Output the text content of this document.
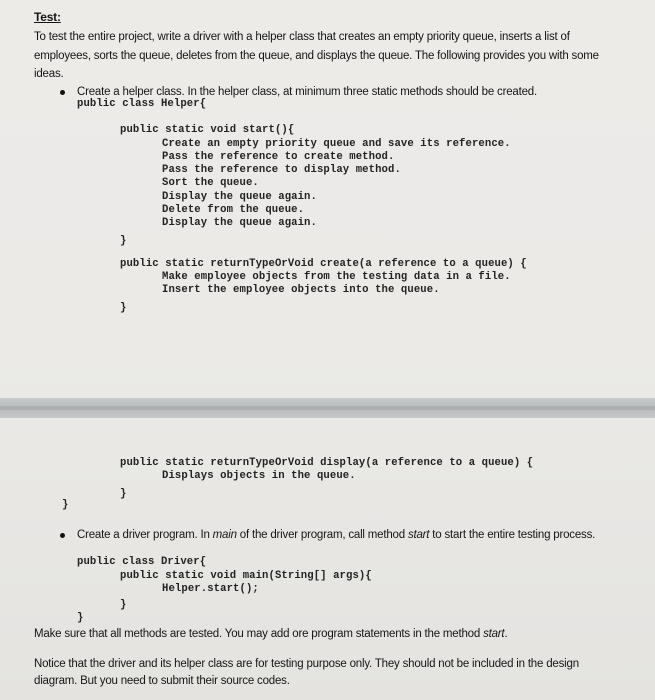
Test:
To test the entire project, write a driver with a helper class that creates an empty priority queue, inserts a list of
employees, sorts the queue, deletes from the queue, and displays the queue. The following provides you with some
ideas.
Create a helper class. In the helper class, at minimum three static methods should be created.
public class Helper{
public static void start(){
Create an empty priority queue and save its reference.
Pass the reference to create method.
Pass the reference to display method.
Sort the queue.
Display the queue again.
Delete from the queue.
Display the queue again.
}
public static returnTypeOrVoid create(a reference to a queue) {
Make employee objects from the testing data in a file.
Insert the employee objects into the queue.
}
public static returnTypeOrVoid display(a reference to a queue) {
Displays objects in the queue.
}
}
Create a driver program. In main of the driver program, call method start to start the entire testing process.
public class Driver{
public static void main(String[] args){
Helper.start();
}
}
Make sure that all methods are tested. You may add ore program statements in the method start.
Notice that the driver and its helper class are for testing purpose only. They should not be included in the design
diagram. But you need to submit their source codes.
